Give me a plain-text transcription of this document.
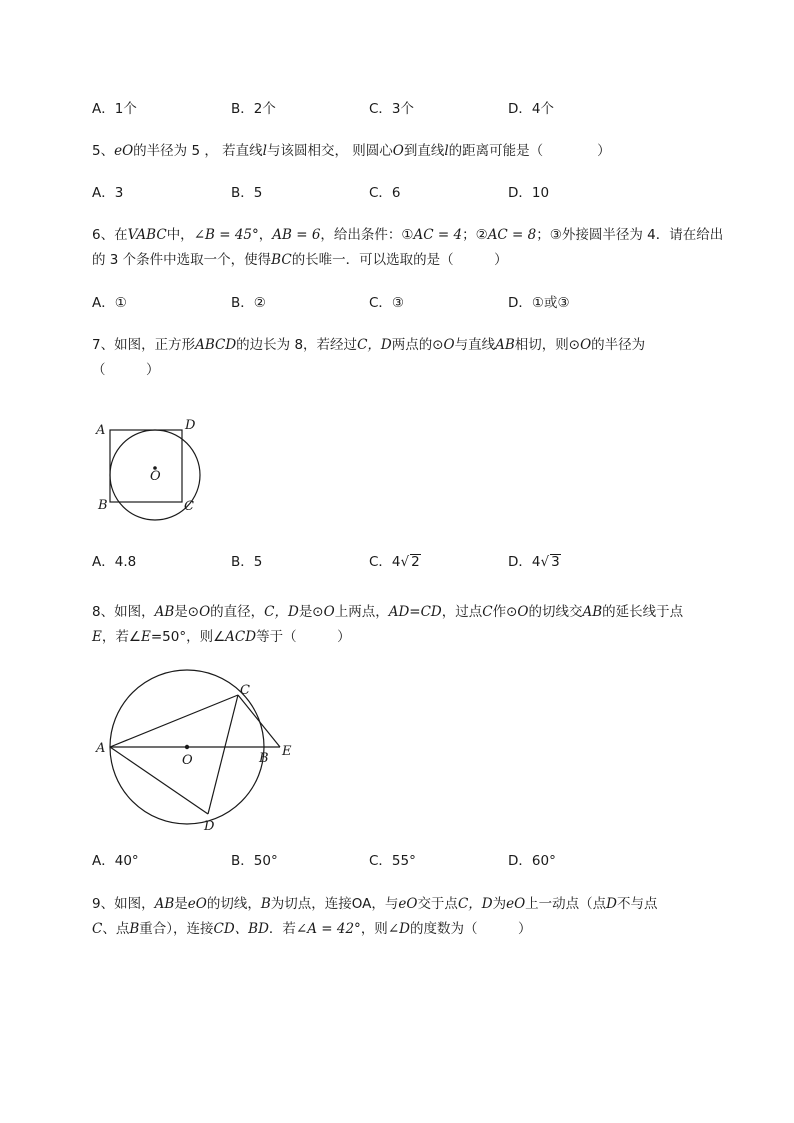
A．1个	B．2个	C．3个	D．4个
5、eO的半径为 5 ， 若直线l与该圆相交， 则圆心O到直线l的距离可能是（　　　　）
A．3	B．5	C．6	D．10
6、在VABC中，∠B = 45°，AB = 6，给出条件：①AC = 4；②AC = 8；③外接圆半径为 4．请在给出
的 3 个条件中选取一个，使得BC的长唯一．可以选取的是（　　　）
A．①	B．②	C．③	D．①或③
7、如图，正方形ABCD的边长为 8，若经过C，D两点的⊙O与直线AB相切，则⊙O的半径为
（　　　）
A	D
O
B	C
A．4.8	B．5	C．4√ 2	D．4√ 3
8、如图，AB是⊙O的直径，C，D是⊙O上两点，AD=CD，过点C作⊙O的切线交AB的延长线于点
E，若∠E=50°，则∠ACD等于（　　　）
A
C
O	B E
D
A．40°	B．50°	C．55°	D．60°
9、如图，AB是eO的切线，B为切点，连接OA，与eO交于点C，D为eO上一动点（点D不与点
C、点B重合），连接CD、BD．若∠A = 42°，则∠D的度数为（　　　）
